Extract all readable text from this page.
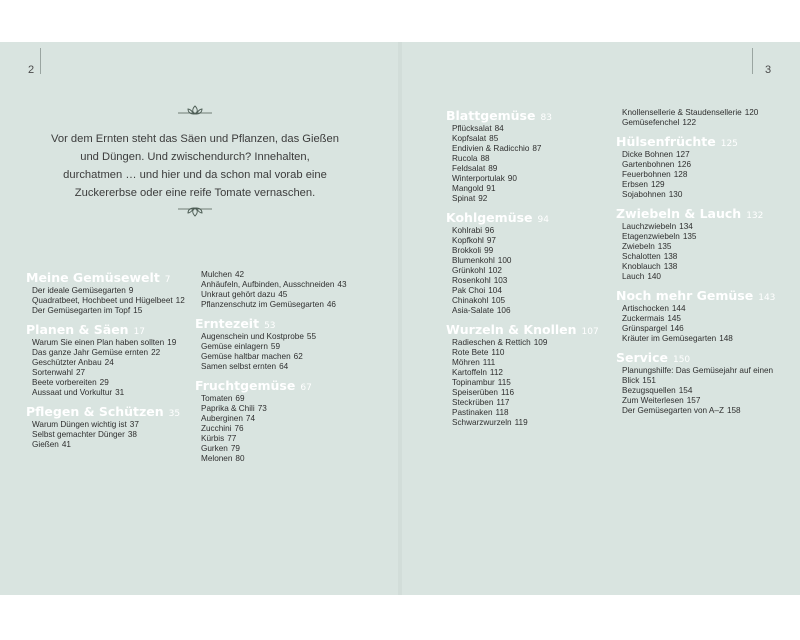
2	3

Vor dem Ernten steht das Säen und Pflanzen, das Gießen und Düngen. Und zwischendurch? Innehalten, durchatmen … und hier und da schon mal vorab eine Zuckererbse oder eine reife Tomate vernaschen.

Meine Gemüsewelt 7
Der ideale Gemüsegarten 9
Quadratbeet, Hochbeet und Hügelbeet 12
Der Gemüsegarten im Topf 15
Planen & Säen 17
Warum Sie einen Plan haben sollten 19
Das ganze Jahr Gemüse ernten 22
Geschützter Anbau 24
Sortenwahl 27
Beete vorbereiten 29
Aussaat und Vorkultur 31
Pflegen & Schützen 35
Warum Düngen wichtig ist 37
Selbst gemachter Dünger 38
Gießen 41
Mulchen 42
Anhäufeln, Aufbinden, Ausschneiden 43
Unkraut gehört dazu 45
Pflanzenschutz im Gemüsegarten 46
Erntezeit 53
Augenschein und Kostprobe 55
Gemüse einlagern 59
Gemüse haltbar machen 62
Samen selbst ernten 64
Fruchtgemüse 67
Tomaten 69
Paprika & Chili 73
Auberginen 74
Zucchini 76
Kürbis 77
Gurken 79
Melonen 80
Blattgemüse 83
Pflücksalat 84
Kopfsalat 85
Endivien & Radicchio 87
Rucola 88
Feldsalat 89
Winterportulak 90
Mangold 91
Spinat 92
Kohlgemüse 94
Kohlrabi 96
Kopfkohl 97
Brokkoli 99
Blumenkohl 100
Grünkohl 102
Rosenkohl 103
Pak Choi 104
Chinakohl 105
Asia-Salate 106
Wurzeln & Knollen 107
Radieschen & Rettich 109
Rote Bete 110
Möhren 111
Kartoffeln 112
Topinambur 115
Speiserüben 116
Steckrüben 117
Pastinaken 118
Schwarzwurzeln 119
Knollensellerie & Staudensellerie 120
Gemüsefenchel 122
Hülsenfrüchte 125
Dicke Bohnen 127
Gartenbohnen 126
Feuerbohnen 128
Erbsen 129
Sojabohnen 130
Zwiebeln & Lauch 132
Lauchzwiebeln 134
Etagenzwiebeln 135
Zwiebeln 135
Schalotten 138
Knoblauch 138
Lauch 140
Noch mehr Gemüse 143
Artischocken 144
Zuckermais 145
Grünspargel 146
Kräuter im Gemüsegarten 148
Service 150
Planungshilfe: Das Gemüsejahr auf einen Blick 151
Bezugsquellen 154
Zum Weiterlesen 157
Der Gemüsegarten von A–Z 158
